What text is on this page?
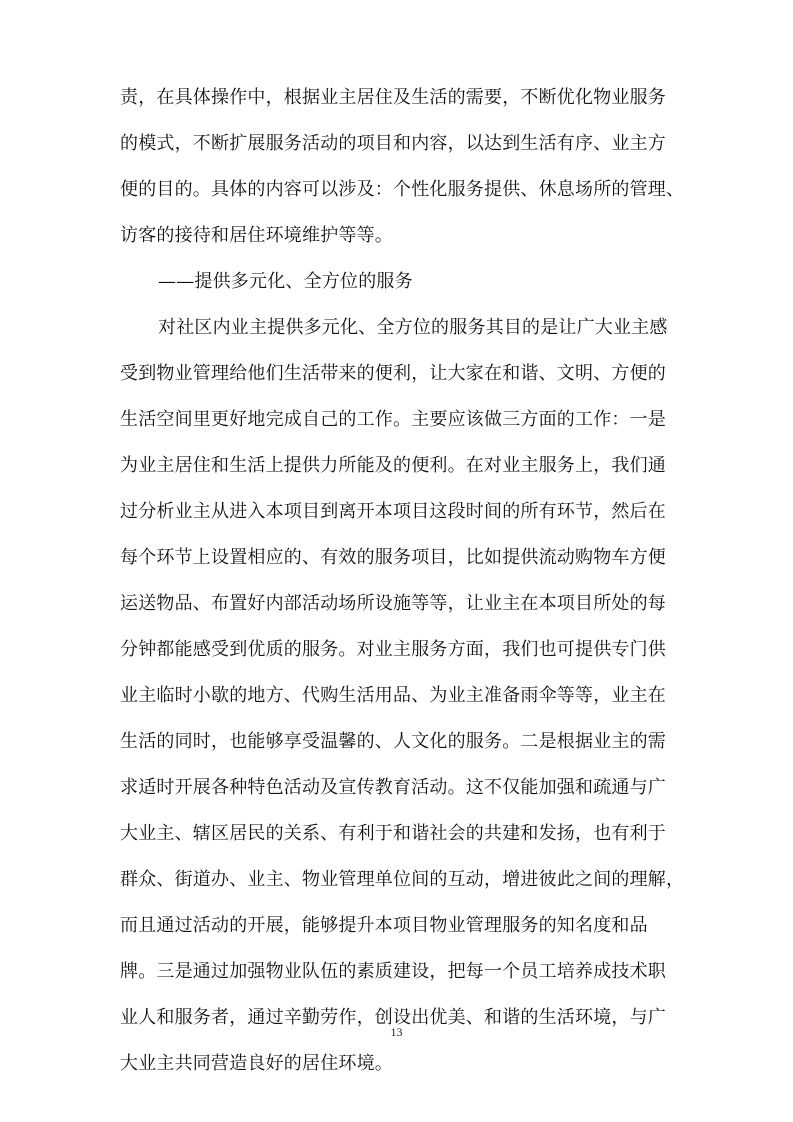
责，在具体操作中，根据业主居住及生活的需要，不断优化物业服务
的模式，不断扩展服务活动的项目和内容，以达到生活有序、业主方
便的目的。具体的内容可以涉及：个性化服务提供、休息场所的管理、
访客的接待和居住环境维护等等。
——提供多元化、全方位的服务
对社区内业主提供多元化、全方位的服务其目的是让广大业主感
受到物业管理给他们生活带来的便利，让大家在和谐、文明、方便的
生活空间里更好地完成自己的工作。主要应该做三方面的工作：一是
为业主居住和生活上提供力所能及的便利。在对业主服务上，我们通
过分析业主从进入本项目到离开本项目这段时间的所有环节，然后在
每个环节上设置相应的、有效的服务项目，比如提供流动购物车方便
运送物品、布置好内部活动场所设施等等，让业主在本项目所处的每
分钟都能感受到优质的服务。对业主服务方面，我们也可提供专门供
业主临时小歇的地方、代购生活用品、为业主准备雨伞等等，业主在
生活的同时，也能够享受温馨的、人文化的服务。二是根据业主的需
求适时开展各种特色活动及宣传教育活动。这不仅能加强和疏通与广
大业主、辖区居民的关系、有利于和谐社会的共建和发扬，也有利于
群众、街道办、业主、物业管理单位间的互动，增进彼此之间的理解，
而且通过活动的开展，能够提升本项目物业管理服务的知名度和品
牌。三是通过加强物业队伍的素质建设，把每一个员工培养成技术职
业人和服务者，通过辛勤劳作，创设出优美、和谐的生活环境，与广
大业主共同营造良好的居住环境。
13
